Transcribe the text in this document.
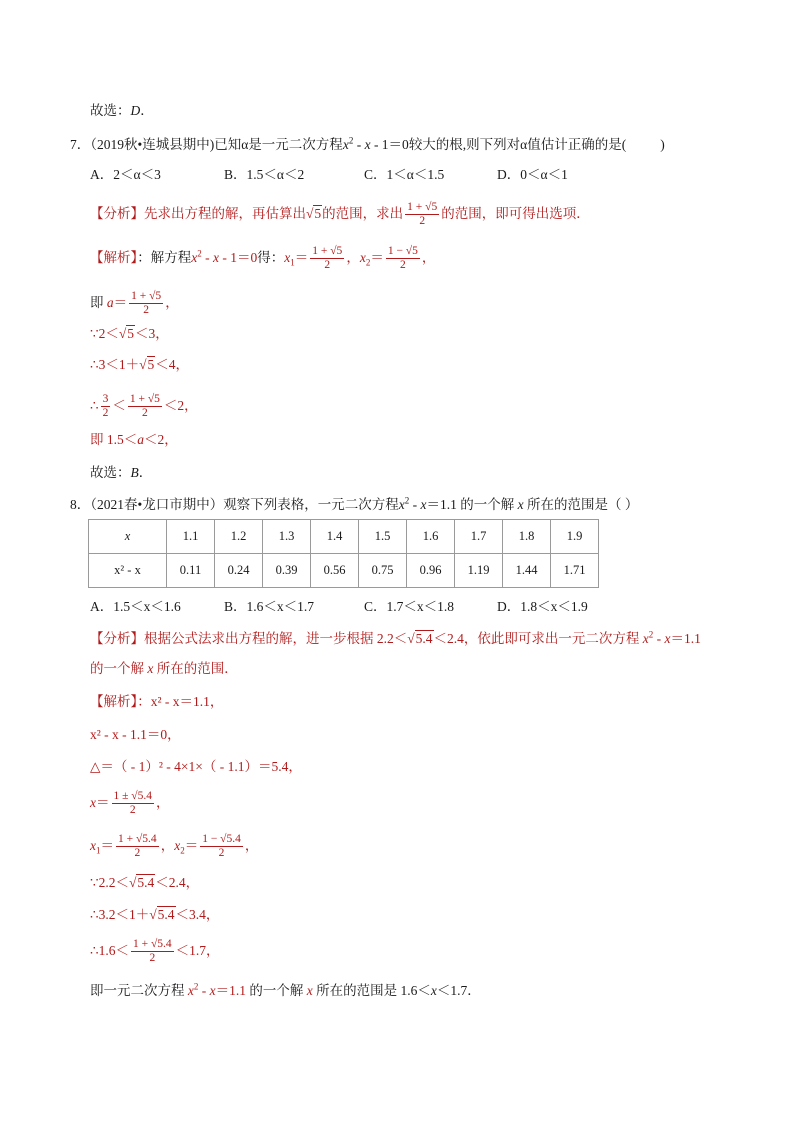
故选：D．
7．（2019秋•连城县期中)已知α是一元二次方程$x^2 - x - 1=0$较大的根,则下列对α值估计正确的是(	)
A．2＜α＜3	B．1.5＜α＜2	C．1＜α＜1.5	D．0＜α＜1
【分析】先求出方程的解，再估算出√5的范围，求出 $\frac{1 + √5}{2}$ 的范围，即可得出选项．
【解析】：解方程$x^2 - x - 1=0$得：$x_1= \frac{1 + √5}{2}$ ，$x_2= \frac{1 - √5}{2}$ ，
即 $a= \frac{1 + √5}{2}$ ，
∵2＜√5＜3，
∴3＜1＋√5＜4，
∴ $\frac{3}{2} < \frac{1 + √5}{2} <2$，
即 1.5＜a＜2，
故选：B．
8．（2021春•龙口市期中）观察下列表格，一元二次方程$x^2 - x=1.1$ 的一个解 x 所在的范围是（ ）
x	1.1	1.2	1.3	1.4	1.5	1.6	1.7	1.8	1.9
x² - x	0.11	0.24	0.39	0.56	0.75	0.96	1.19	1.44	1.71
A．1.5＜x＜1.6	B．1.6＜x＜1.7	C．1.7＜x＜1.8	D．1.8＜x＜1.9
【分析】根据公式法求出方程的解，进一步根据 2.2＜√5.4＜2.4，依此即可求出一元二次方程 $x^2 - x=1.1$
的一个解 x 所在的范围．
【解析】：x² - x＝1.1，
x² - x - 1.1＝0，
△＝（ - 1）² - 4×1×（ - 1.1）＝5.4，
$x= \frac{1 \pm √5.4}{2}$ ，
$x_1= \frac{1 + √5.4}{2}$ ，$x_2= \frac{1 - √5.4}{2}$ ，
∵2.2＜√5.4＜2.4，
∴3.2＜1＋√5.4＜3.4，
∴1.6＜ $\frac{1 + √5.4}{2} <1.7$，
即一元二次方程 $x^2 - x=1.1$ 的一个解 x 所在的范围是 1.6＜x＜1.7．
